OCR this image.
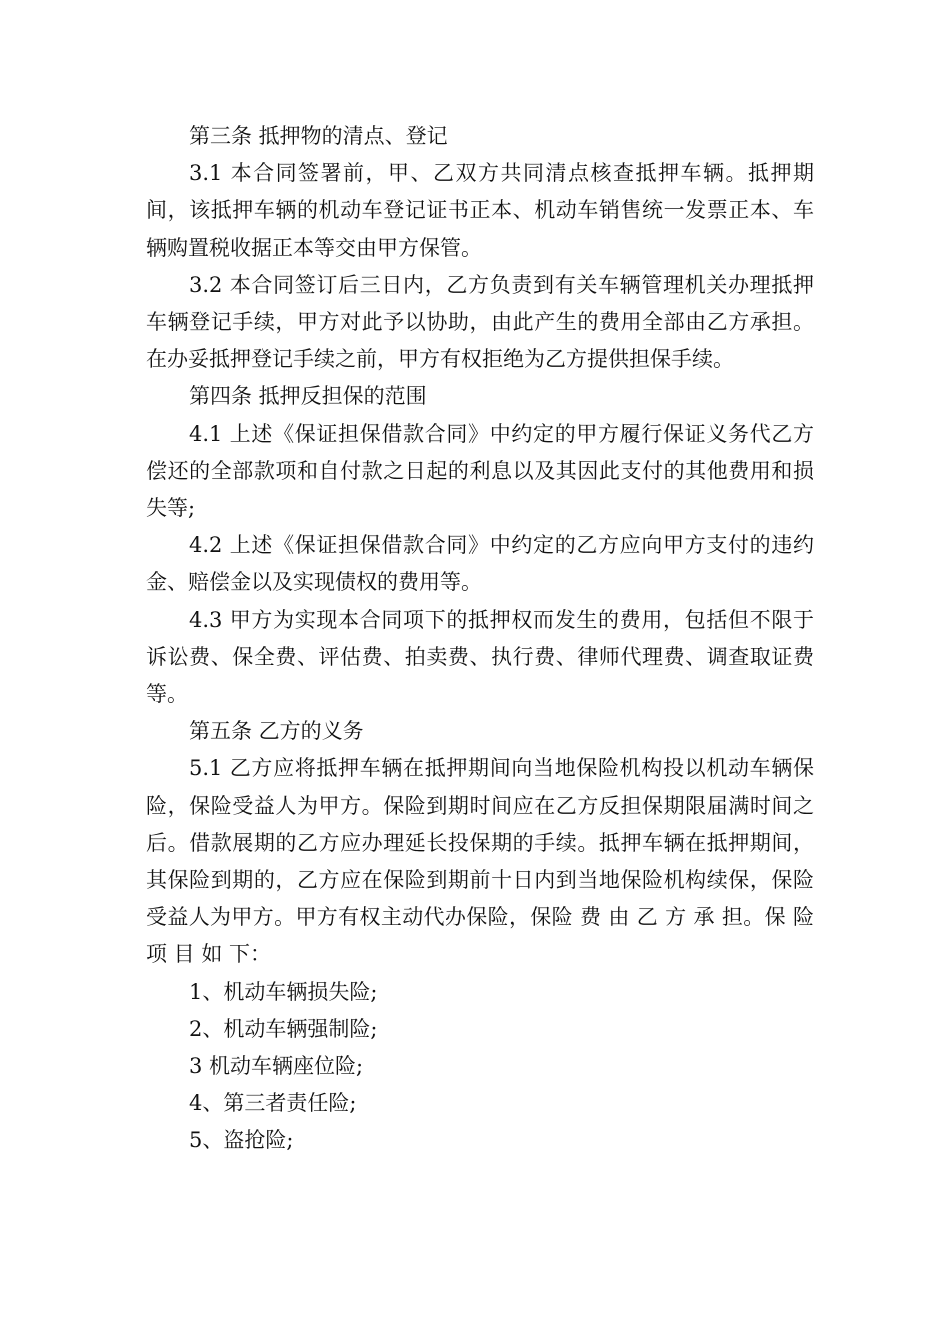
第三条 抵押物的清点、登记

3.1 本合同签署前，甲、乙双方共同清点核查抵押车辆。抵押期间，该抵押车辆的机动车登记证书正本、机动车销售统一发票正本、车辆购置税收据正本等交由甲方保管。

3.2 本合同签订后三日内，乙方负责到有关车辆管理机关办理抵押车辆登记手续，甲方对此予以协助，由此产生的费用全部由乙方承担。在办妥抵押登记手续之前，甲方有权拒绝为乙方提供担保手续。

第四条 抵押反担保的范围

4.1 上述《保证担保借款合同》中约定的甲方履行保证义务代乙方偿还的全部款项和自付款之日起的利息以及其因此支付的其他费用和损失等;

4.2 上述《保证担保借款合同》中约定的乙方应向甲方支付的违约金、赔偿金以及实现债权的费用等。

4.3 甲方为实现本合同项下的抵押权而发生的费用，包括但不限于诉讼费、保全费、评估费、拍卖费、执行费、律师代理费、调查取证费等。

第五条 乙方的义务

5.1 乙方应将抵押车辆在抵押期间向当地保险机构投以机动车辆保险，保险受益人为甲方。保险到期时间应在乙方反担保期限届满时间之后。借款展期的乙方应办理延长投保期的手续。抵押车辆在抵押期间，其保险到期的，乙方应在保险到期前十日内到当地保险机构续保，保险受益人为甲方。甲方有权主动代办保险，保险 费 由 乙 方 承 担。保 险 项 目 如 下：

1、机动车辆损失险;

2、机动车辆强制险;

3 机动车辆座位险;

4、第三者责任险;

5、盗抢险;
